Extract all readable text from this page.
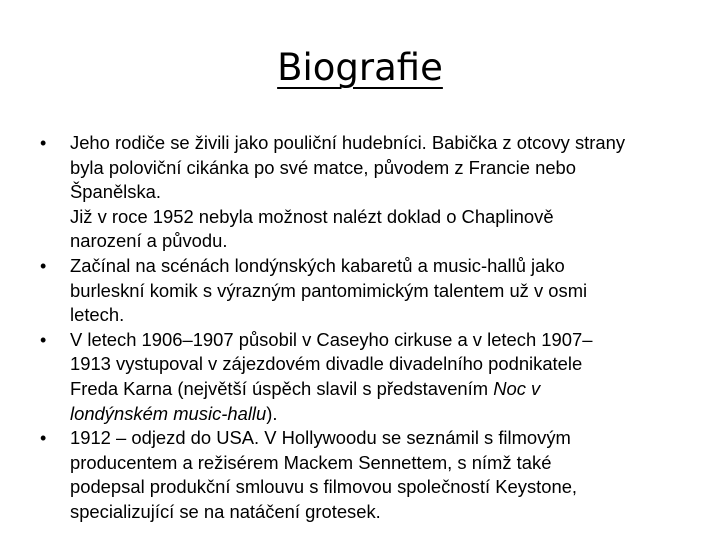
Biografie
•	Jeho rodiče se živili jako pouliční hudebníci. Babička z otcovy strany
byla poloviční cikánka po své matce, původem z Francie nebo
Španělska.
Již v roce 1952 nebyla možnost nalézt doklad o Chaplinově
narození a původu.
•	Začínal na scénách londýnských kabaretů a music-hallů jako
burleskní komik s výrazným pantomimickým talentem už v osmi
letech.
•	V letech 1906–1907 působil v Caseyho cirkuse a v letech 1907–
1913 vystupoval v zájezdovém divadle divadelního podnikatele
Freda Karna (největší úspěch slavil s představením Noc v
londýnském music-hallu).
•	1912 – odjezd do USA. V Hollywoodu se seznámil s filmovým
producentem a režisérem Mackem Sennettem, s nímž také
podepsal produkční smlouvu s filmovou společností Keystone,
specializující se na natáčení grotesek.
